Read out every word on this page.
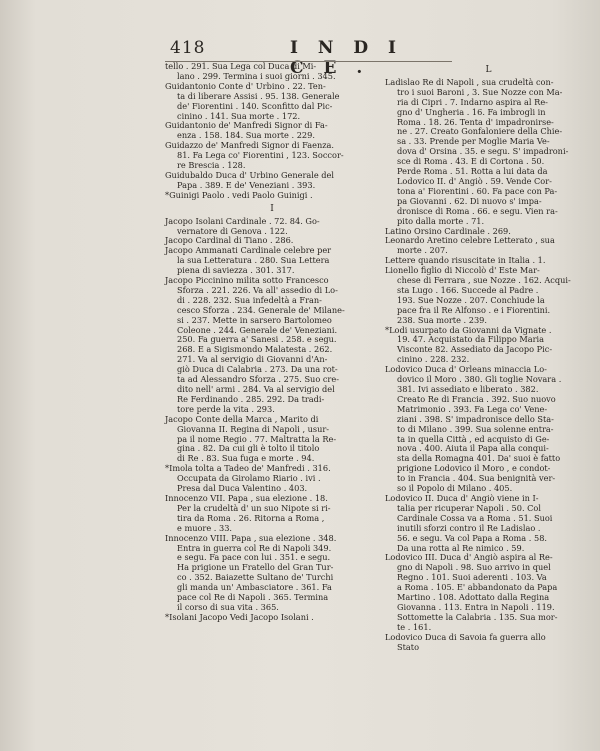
418	I N D I C E .
tello . 291. Sua Lega col Duca di Mi-
lano . 299. Termina i suoi giorni . 345.
Guidantonio Conte d' Urbino . 22. Ten-
ta di liberare Assisi . 95. 138. Generale
de' Fiorentini . 140. Sconfitto dal Pic-
cinino . 141. Sua morte . 172.
Guidantonio de' Manfredi Signor di Fa-
enza . 158. 184. Sua morte . 229.
Guidazzo de' Manfredi Signor di Faenza.
81. Fa Lega co' Fiorentini , 123. Soccor-
re Brescia . 128.
Guidubaldo Duca d' Urbino Generale del
Papa . 389. E de' Veneziani . 393.
*Guinigi Paolo . vedi Paolo Guinigi .
I
Jacopo Isolani Cardinale . 72. 84. Go-
vernatore di Genova . 122.
Jacopo Cardinal di Tiano . 286.
Jacopo Ammanati Cardinale celebre per
la sua Letteratura . 280. Sua Lettera
piena di saviezza . 301. 317.
Jacopo Piccinino milita sotto Francesco
Sforza . 221. 226. Va all' assedio di Lo-
di . 228. 232. Sua infedeltà a Fran-
cesco Sforza . 234. Generale de' Milane-
si . 237. Mette in sarsero Bartolomeo
Coleone . 244. Generale de' Veneziani.
250. Fa guerra a' Sanesi . 258. e segu.
268. E a Sigismondo Malatesta . 262.
271. Va al servigio di Giovanni d'An-
giò Duca di Calabria . 273. Da una rot-
ta ad Alessandro Sforza . 275. Suo cre-
dito nell' armi . 284. Va al servigio del
Re Ferdinando . 285. 292. Da tradi-
tore perde la vita . 293.
Jacopo Conte della Marca , Marito di
Giovanna II. Regina di Napoli , usur-
pa il nome Regio . 77. Maltratta la Re-
gina . 82. Da cui gli è tolto il titolo
di Re . 83. Sua fuga e morte . 94.
*Imola tolta a Tadeo de' Manfredi . 316.
Occupata da Girolamo Riario . ivi .
Presa dal Duca Valentino . 403.
Innocenzo VII. Papa , sua elezione . 18.
Per la crudeltà d' un suo Nipote si ri-
tira da Roma . 26. Ritorna a Roma ,
e muore . 33.
Innocenzo VIII. Papa , sua elezione . 348.
Entra in guerra col Re di Napoli 349.
e segu. Fa pace con lui . 351. e segu.
Ha prigione un Fratello del Gran Tur-
co . 352. Baiazette Sultano de' Turchi
gli manda un' Ambasciatore . 361. Fa
pace col Re di Napoli . 365. Termina
il corso di sua vita . 365.
*Isolani Jacopo Vedi Jacopo Isolani .
L
Ladislao Re di Napoli , sua crudeltà con-
tro i suoi Baroni , 3. Sue Nozze con Ma-
ria di Cipri . 7. Indarno aspira al Re-
gno d' Ungheria . 16. Fa imbrogli in
Roma . 18. 26. Tenta d' impadronirse-
ne . 27. Creato Gonfaloniere della Chie-
sa . 33. Prende per Moglie Maria Ve-
dova d' Orsina . 35. e segu. S' impadroni-
sce di Roma . 43. E di Cortona . 50.
Perde Roma . 51. Rotta a lui data da
Lodovico II. d' Angiò . 59. Vende Cor-
tona a' Fiorentini . 60. Fa pace con Pa-
pa Giovanni . 62. Di nuovo s' impa-
dronisce di Roma . 66. e segu. Vien ra-
pito dalla morte . 71.
Latino Orsino Cardinale . 269.
Leonardo Aretino celebre Letterato , sua
morte . 207.
Lettere quando risuscitate in Italia . 1.
Lionello figlio di Niccolò d' Este Mar-
chese di Ferrara , sue Nozze . 162. Acqui-
sta Lugo . 166. Succede al Padre .
193. Sue Nozze . 207. Conchiude la
pace fra il Re Alfonso . e i Fiorentini.
238. Sua morte . 239.
*Lodi usurpato da Giovanni da Vignate .
19. 47. Acquistato da Filippo Maria
Visconte 82. Assediato da Jacopo Pic-
cinino . 228. 232.
Lodovico Duca d' Orleans minaccia Lo-
dovico il Moro . 380. Gli toglie Novara .
381. Ivi assediato e liberato . 382.
Creato Re di Francia . 392. Suo nuovo
Matrimonio . 393. Fa Lega co' Vene-
ziani . 398. S' impadronisce dello Sta-
to di Milano . 399. Sua solenne entra-
ta in quella Città , ed acquisto di Ge-
nova . 400. Aiuta il Papa alla conqui-
sta della Romagna 401. Da' suoi è fatto
prigione Lodovico il Moro , e condot-
to in Francia . 404. Sua benignità ver-
so il Popolo di Milano . 405.
Lodovico II. Duca d' Angiò viene in I-
talia per ricuperar Napoli . 50. Col
Cardinale Cossa va a Roma . 51. Suoi
inutili sforzi contro il Re Ladislao .
56. e segu. Va col Papa a Roma . 58.
Da una rotta al Re nimico . 59.
Lodovico III. Duca d' Angiò aspira al Re-
gno di Napoli . 98. Suo arrivo in quel
Regno . 101. Suoi aderenti . 103. Va
a Roma . 105. E' abbandonato da Papa
Martino . 108. Adottato dalla Regina
Giovanna . 113. Entra in Napoli . 119.
Sottomette la Calabria . 135. Sua mor-
te . 161.
Lodovico Duca di Savoia fa guerra allo
Stato
